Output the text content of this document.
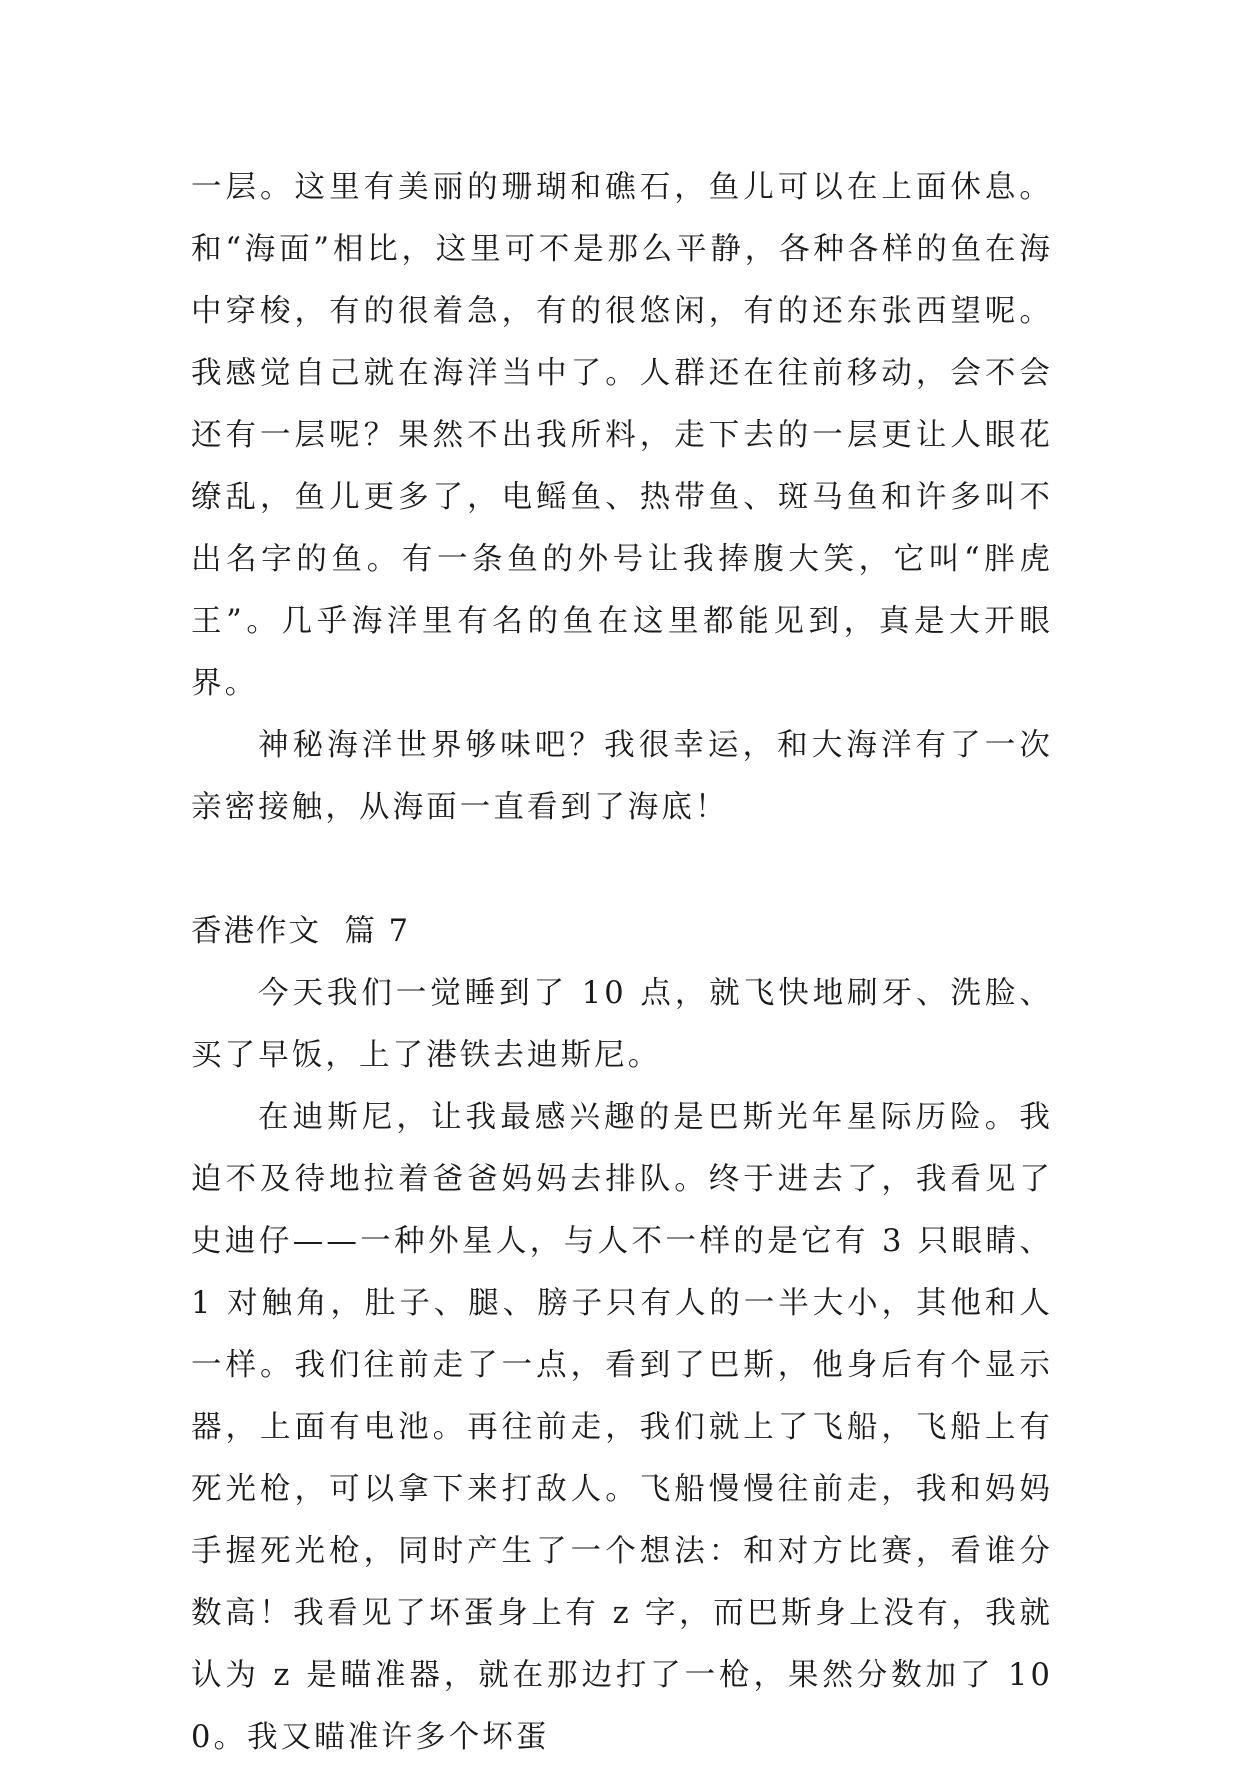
一层。这里有美丽的珊瑚和礁石，鱼儿可以在上面休息。和“海面”相比，这里可不是那么平静，各种各样的鱼在海中穿梭，有的很着急，有的很悠闲，有的还东张西望呢。我感觉自己就在海洋当中了。人群还在往前移动，会不会还有一层呢？果然不出我所料，走下去的一层更让人眼花缭乱，鱼儿更多了，电鳐鱼、热带鱼、斑马鱼和许多叫不出名字的鱼。有一条鱼的外号让我捧腹大笑，它叫“胖虎王”。几乎海洋里有名的鱼在这里都能见到，真是大开眼界。

神秘海洋世界够味吧？我很幸运，和大海洋有了一次亲密接触，从海面一直看到了海底！

香港作文  篇 7

今天我们一觉睡到了 10 点，就飞快地刷牙、洗脸、买了早饭，上了港铁去迪斯尼。

在迪斯尼，让我最感兴趣的是巴斯光年星际历险。我迫不及待地拉着爸爸妈妈去排队。终于进去了，我看见了史迪仔——一种外星人，与人不一样的是它有 3 只眼睛、1 对触角，肚子、腿、膀子只有人的一半大小，其他和人一样。我们往前走了一点，看到了巴斯，他身后有个显示器，上面有电池。再往前走，我们就上了飞船，飞船上有死光枪，可以拿下来打敌人。飞船慢慢往前走，我和妈妈手握死光枪，同时产生了一个想法：和对方比赛，看谁分数高！我看见了坏蛋身上有 z 字，而巴斯身上没有，我就认为 z 是瞄准器，就在那边打了一枪，果然分数加了 100。我又瞄准许多个坏蛋
